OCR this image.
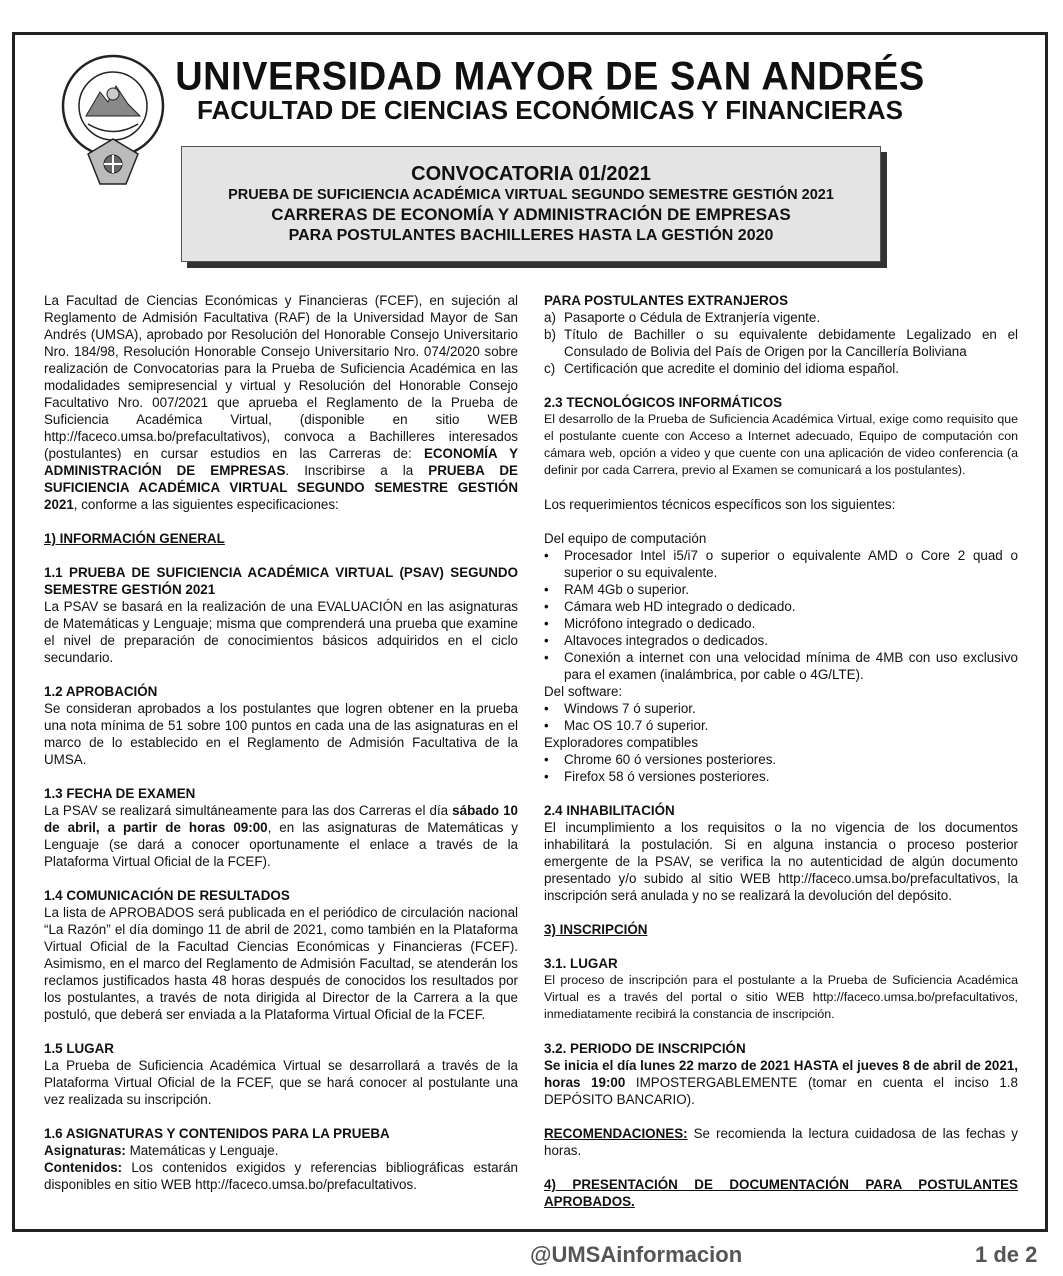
UNIVERSIDAD MAYOR DE SAN ANDRÉS
FACULTAD DE CIENCIAS ECONÓMICAS Y FINANCIERAS
CONVOCATORIA 01/2021
PRUEBA DE SUFICIENCIA ACADÉMICA VIRTUAL SEGUNDO SEMESTRE GESTIÓN 2021
CARRERAS DE ECONOMÍA Y ADMINISTRACIÓN DE EMPRESAS
PARA POSTULANTES BACHILLERES HASTA LA GESTIÓN 2020

La Facultad de Ciencias Económicas y Financieras (FCEF), en sujeción al Reglamento de Admisión Facultativa (RAF) de la Universidad Mayor de San Andrés (UMSA), aprobado por Resolución del Honorable Consejo Universitario Nro. 184/98, Resolución Honorable Consejo Universitario Nro. 074/2020 sobre realización de Convocatorias para la Prueba de Suficiencia Académica en las modalidades semipresencial y virtual y Resolución del Honorable Consejo Facultativo Nro. 007/2021 que aprueba el Reglamento de la Prueba de Suficiencia Académica Virtual, (disponible en sitio WEB http://faceco.umsa.bo/prefacultativos), convoca a Bachilleres interesados (postulantes) en cursar estudios en las Carreras de: ECONOMÍA Y ADMINISTRACIÓN DE EMPRESAS. Inscribirse a la PRUEBA DE SUFICIENCIA ACADÉMICA VIRTUAL SEGUNDO SEMESTRE GESTIÓN 2021, conforme a las siguientes especificaciones:

1) INFORMACIÓN GENERAL

1.1 PRUEBA DE SUFICIENCIA ACADÉMICA VIRTUAL (PSAV) SEGUNDO SEMESTRE GESTIÓN 2021
La PSAV se basará en la realización de una EVALUACIÓN en las asignaturas de Matemáticas y Lenguaje; misma que comprenderá una prueba que examine el nivel de preparación de conocimientos básicos adquiridos en el ciclo secundario.
1.2 APROBACIÓN
Se consideran aprobados a los postulantes que logren obtener en la prueba una nota mínima de 51 sobre 100 puntos en cada una de las asignaturas en el marco de lo establecido en el Reglamento de Admisión Facultativa de la UMSA.
1.3 FECHA DE EXAMEN
La PSAV se realizará simultáneamente para las dos Carreras el día sábado 10 de abril, a partir de horas 09:00, en las asignaturas de Matemáticas y Lenguaje (se dará a conocer oportunamente el enlace a través de la Plataforma Virtual Oficial de la FCEF).
1.4 COMUNICACIÓN DE RESULTADOS
La lista de APROBADOS será publicada en el periódico de circulación nacional “La Razón” el día domingo 11 de abril de 2021, como también en la Plataforma Virtual Oficial de la Facultad Ciencias Económicas y Financieras (FCEF). Asimismo, en el marco del Reglamento de Admisión Facultad, se atenderán los reclamos justificados hasta 48 horas después de conocidos los resultados por los postulantes, a través de nota dirigida al Director de la Carrera a la que postuló, que deberá ser enviada a la Plataforma Virtual Oficial de la FCEF.
1.5 LUGAR
La Prueba de Suficiencia Académica Virtual se desarrollará a través de la Plataforma Virtual Oficial de la FCEF, que se hará conocer al postulante una vez realizada su inscripción.
1.6 ASIGNATURAS Y CONTENIDOS PARA LA PRUEBA
Asignaturas: Matemáticas y Lenguaje.
Contenidos: Los contenidos exigidos y referencias bibliográficas estarán disponibles en sitio WEB http://faceco.umsa.bo/prefacultativos.
PARA POSTULANTES EXTRANJEROS
a) Pasaporte o Cédula de Extranjería vigente.
b) Título de Bachiller o su equivalente debidamente Legalizado en el Consulado de Bolivia del País de Origen por la Cancillería Boliviana
c) Certificación que acredite el dominio del idioma español.
2.3 TECNOLÓGICOS INFORMÁTICOS
El desarrollo de la Prueba de Suficiencia Académica Virtual, exige como requisito que el postulante cuente con Acceso a Internet adecuado, Equipo de computación con cámara web, opción a video y que cuente con una aplicación de video conferencia (a definir por cada Carrera, previo al Examen se comunicará a los postulantes).

Los requerimientos técnicos específicos son los siguientes:

Del equipo de computación
• Procesador Intel i5/i7 o superior o equivalente AMD o Core 2 quad o superior o su equivalente.
• RAM 4Gb o superior.
• Cámara web HD integrado o dedicado.
• Micrófono integrado o dedicado.
• Altavoces integrados o dedicados.
• Conexión a internet con una velocidad mínima de 4MB con uso exclusivo para el examen (inalámbrica, por cable o 4G/LTE).
Del software:
• Windows 7 ó superior.
• Mac OS 10.7 ó superior.
Exploradores compatibles
• Chrome 60 ó versiones posteriores.
• Firefox 58 ó versiones posteriores.
2.4 INHABILITACIÓN
El incumplimiento a los requisitos o la no vigencia de los documentos inhabilitará la postulación. Si en alguna instancia o proceso posterior emergente de la PSAV, se verifica la no autenticidad de algún documento presentado y/o subido al sitio WEB http://faceco.umsa.bo/prefacultativos, la inscripción será anulada y no se realizará la devolución del depósito.

3) INSCRIPCIÓN

3.1. LUGAR
El proceso de inscripción para el postulante a la Prueba de Suficiencia Académica Virtual es a través del portal o sitio WEB http://faceco.umsa.bo/prefacultativos, inmediatamente recibirá la constancia de inscripción.
3.2. PERIODO DE INSCRIPCIÓN
Se inicia el día lunes 22 marzo de 2021 HASTA el jueves 8 de abril de 2021, horas 19:00 IMPOSTERGABLEMENTE (tomar en cuenta el inciso 1.8 DEPÓSITO BANCARIO).

RECOMENDACIONES: Se recomienda la lectura cuidadosa de las fechas y horas.

4) PRESENTACIÓN DE DOCUMENTACIÓN PARA POSTULANTES APROBADOS.

@UMSAinformacion	1 de 2
